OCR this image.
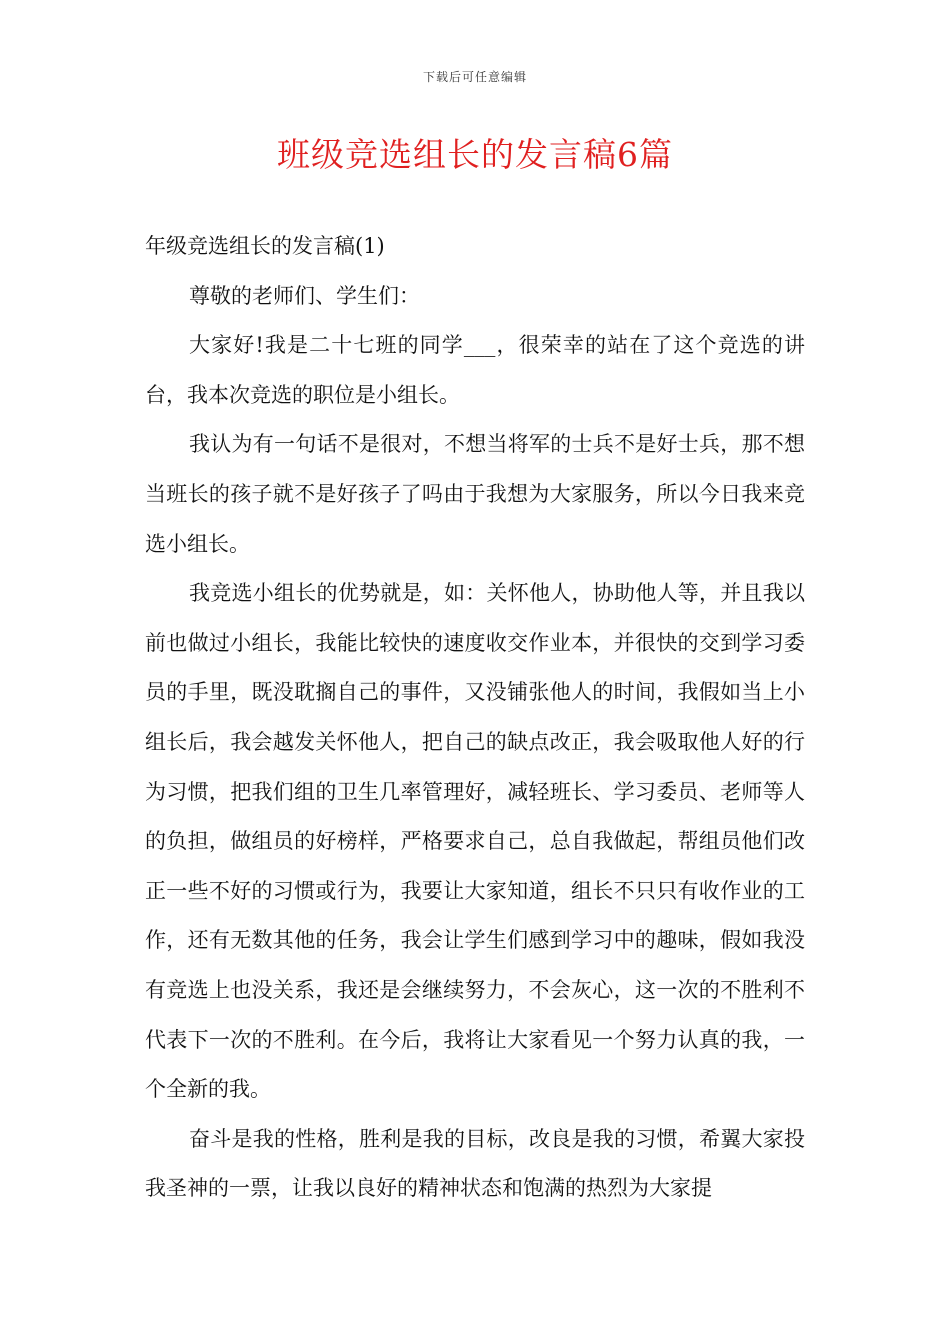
下载后可任意编辑
班级竞选组长的发言稿6篇

年级竞选组长的发言稿(1)

尊敬的老师们、学生们：

大家好!我是二十七班的同学___，很荣幸的站在了这个竞选的讲台，我本次竞选的职位是小组长。

我认为有一句话不是很对，不想当将军的士兵不是好士兵，那不想当班长的孩子就不是好孩子了吗由于我想为大家服务，所以今日我来竞选小组长。

我竞选小组长的优势就是，如：关怀他人，协助他人等，并且我以前也做过小组长，我能比较快的速度收交作业本，并很快的交到学习委员的手里，既没耽搁自己的事件，又没铺张他人的时间，我假如当上小组长后，我会越发关怀他人，把自己的缺点改正，我会吸取他人好的行为习惯，把我们组的卫生几率管理好，减轻班长、学习委员、老师等人的负担，做组员的好榜样，严格要求自己，总自我做起，帮组员他们改正一些不好的习惯或行为，我要让大家知道，组长不只只有收作业的工作，还有无数其他的任务，我会让学生们感到学习中的趣味，假如我没有竞选上也没关系，我还是会继续努力，不会灰心，这一次的不胜利不代表下一次的不胜利。在今后，我将让大家看见一个努力认真的我，一个全新的我。

奋斗是我的性格，胜利是我的目标，改良是我的习惯，希翼大家投我圣神的一票，让我以良好的精神状态和饱满的热烈为大家提
